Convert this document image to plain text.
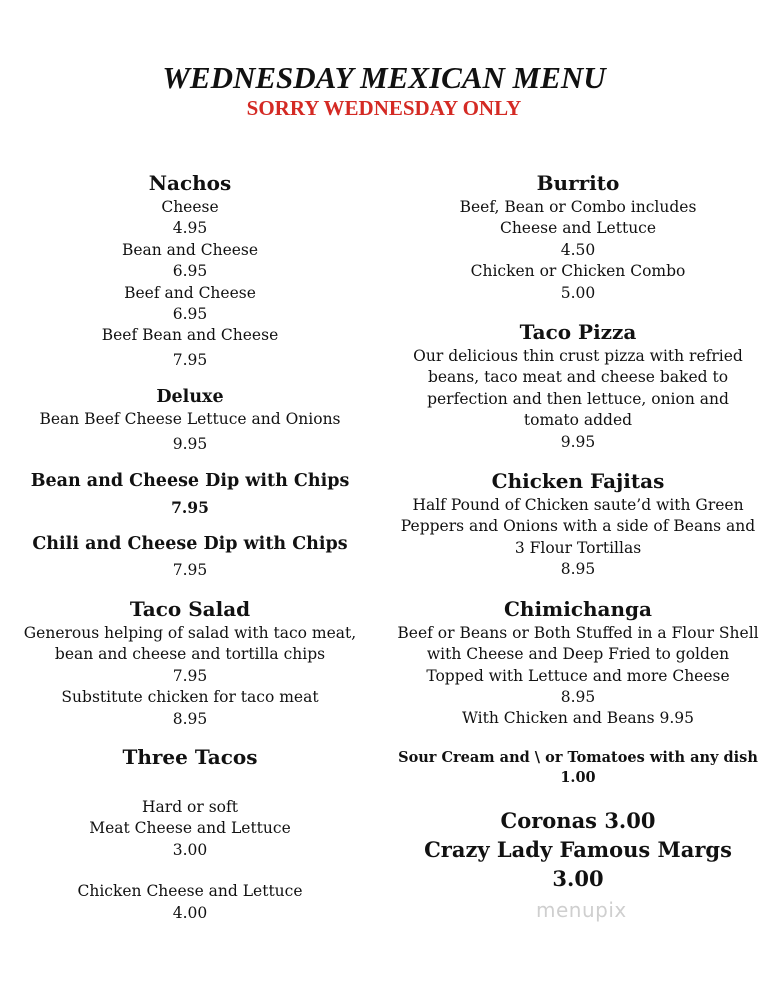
WEDNESDAY MEXICAN MENU
SORRY WEDNESDAY ONLY
Nachos
Cheese
4.95
Bean and Cheese
6.95
Beef and Cheese
6.95
Beef Bean and Cheese
7.95
Deluxe
Bean Beef Cheese Lettuce and Onions
9.95
Bean and Cheese Dip with Chips
7.95
Chili and Cheese Dip with Chips
7.95
Taco Salad
Generous helping of salad with taco meat,
bean and cheese and tortilla chips
7.95
Substitute chicken for taco meat
8.95
Three Tacos
Hard or soft
Meat Cheese and Lettuce
3.00
Chicken Cheese and Lettuce
4.00
Burrito
Beef, Bean or Combo includes
Cheese and Lettuce
4.50
Chicken or Chicken Combo
5.00
Taco Pizza
Our delicious thin crust pizza with refried
beans, taco meat and cheese baked to
perfection and then lettuce, onion and
tomato added
9.95
Chicken Fajitas
Half Pound of Chicken saute’d with Green
Peppers and Onions with a side of Beans and
3 Flour Tortillas
8.95
Chimichanga
Beef or Beans or Both Stuffed in a Flour Shell
with Cheese and Deep Fried to golden
Topped with Lettuce and more Cheese
8.95
With Chicken and Beans 9.95
Sour Cream and \ or Tomatoes with any dish
1.00
Coronas 3.00
Crazy Lady Famous Margs 3.00
menupix
